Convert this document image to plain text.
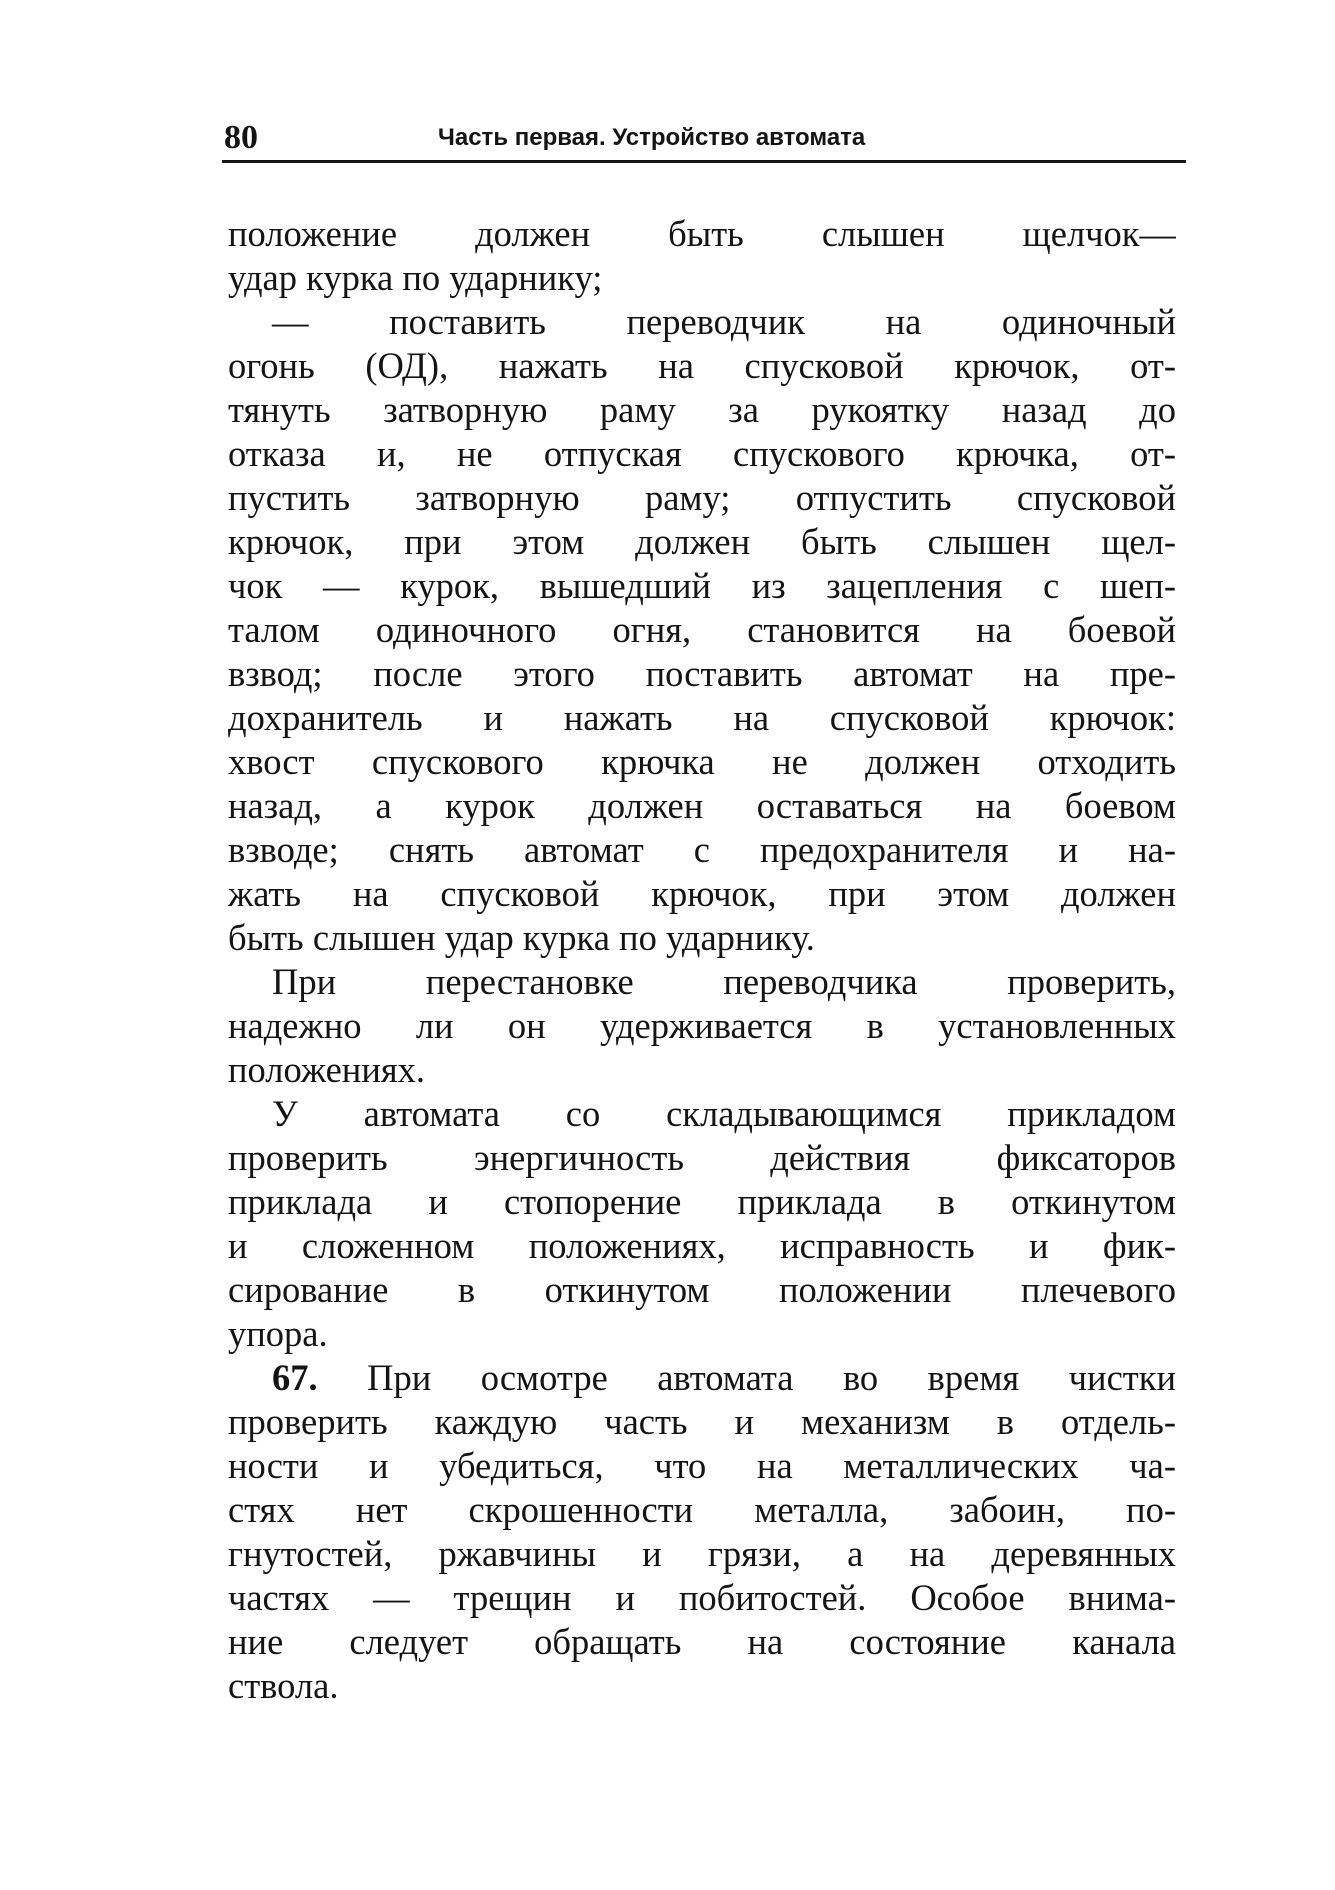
80	Часть первая. Устройство автомата
положение должен быть слышен щелчок—
удар курка по ударнику;
— поставить переводчик на одиночный
огонь (ОД), нажать на спусковой крючок, от-
тянуть затворную раму за рукоятку назад до
отказа и, не отпуская спускового крючка, от-
пустить затворную раму; отпустить спусковой
крючок, при этом должен быть слышен щел-
чок — курок, вышедший из зацепления с шеп-
талом одиночного огня, становится на боевой
взвод; после этого поставить автомат на пре-
дохранитель и нажать на спусковой крючок:
хвост спускового крючка не должен отходить
назад, а курок должен оставаться на боевом
взводе; снять автомат с предохранителя и на-
жать на спусковой крючок, при этом должен
быть слышен удар курка по ударнику.
При перестановке переводчика проверить,
надежно ли он удерживается в установленных
положениях.
У автомата со складывающимся прикладом
проверить энергичность действия фиксаторов
приклада и стопорение приклада в откинутом
и сложенном положениях, исправность и фик-
сирование в откинутом положении плечевого
упора.
67. При осмотре автомата во время чистки
проверить каждую часть и механизм в отдель-
ности и убедиться, что на металлических ча-
стях нет скрошенности металла, забоин, по-
гнутостей, ржавчины и грязи, а на деревянных
частях — трещин и побитостей. Особое внима-
ние следует обращать на состояние канала
ствола.
